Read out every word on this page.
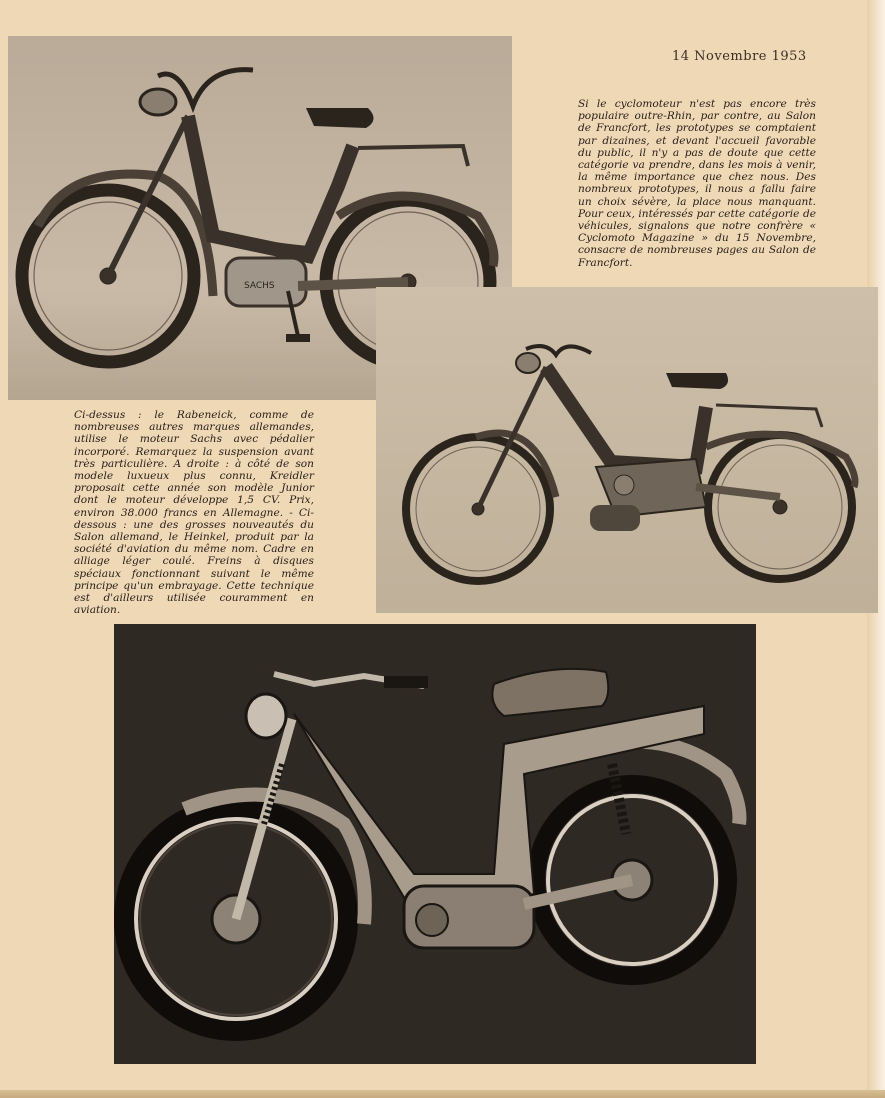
14 Novembre 1953
SACHS
Si le cyclomoteur n'est pas encore très populaire outre-Rhin, par contre, au Salon de Francfort, les prototypes se comptaient par dizaines, et devant l'accueil favorable du public, il n'y a pas de doute que cette catégorie va prendre, dans les mois à venir, la même importance que chez nous. Des nombreux prototypes, il nous a fallu faire un choix sévère, la place nous manquant. Pour ceux, intéressés par cette catégorie de véhicules, signalons que notre confrère « Cyclomoto Magazine » du 15 Novembre, consacre de nombreuses pages au Salon de Francfort.
Ci-dessus : le Rabeneick, comme de nombreuses autres marques allemandes, utilise le moteur Sachs avec pédalier incorporé. Remarquez la suspension avant très particulière. A droite : à côté de son modele luxueux plus connu, Kreidler proposait cette année son modèle Junior dont le moteur développe 1,5 CV. Prix, environ 38.000 francs en Allemagne. - Ci-dessous : une des grosses nouveautés du Salon allemand, le Heinkel, produit par la société d'aviation du même nom. Cadre en alliage léger coulé. Freins à disques spéciaux fonctionnant suivant le même principe qu'un embrayage. Cette technique est d'ailleurs utilisée couramment en aviation.
